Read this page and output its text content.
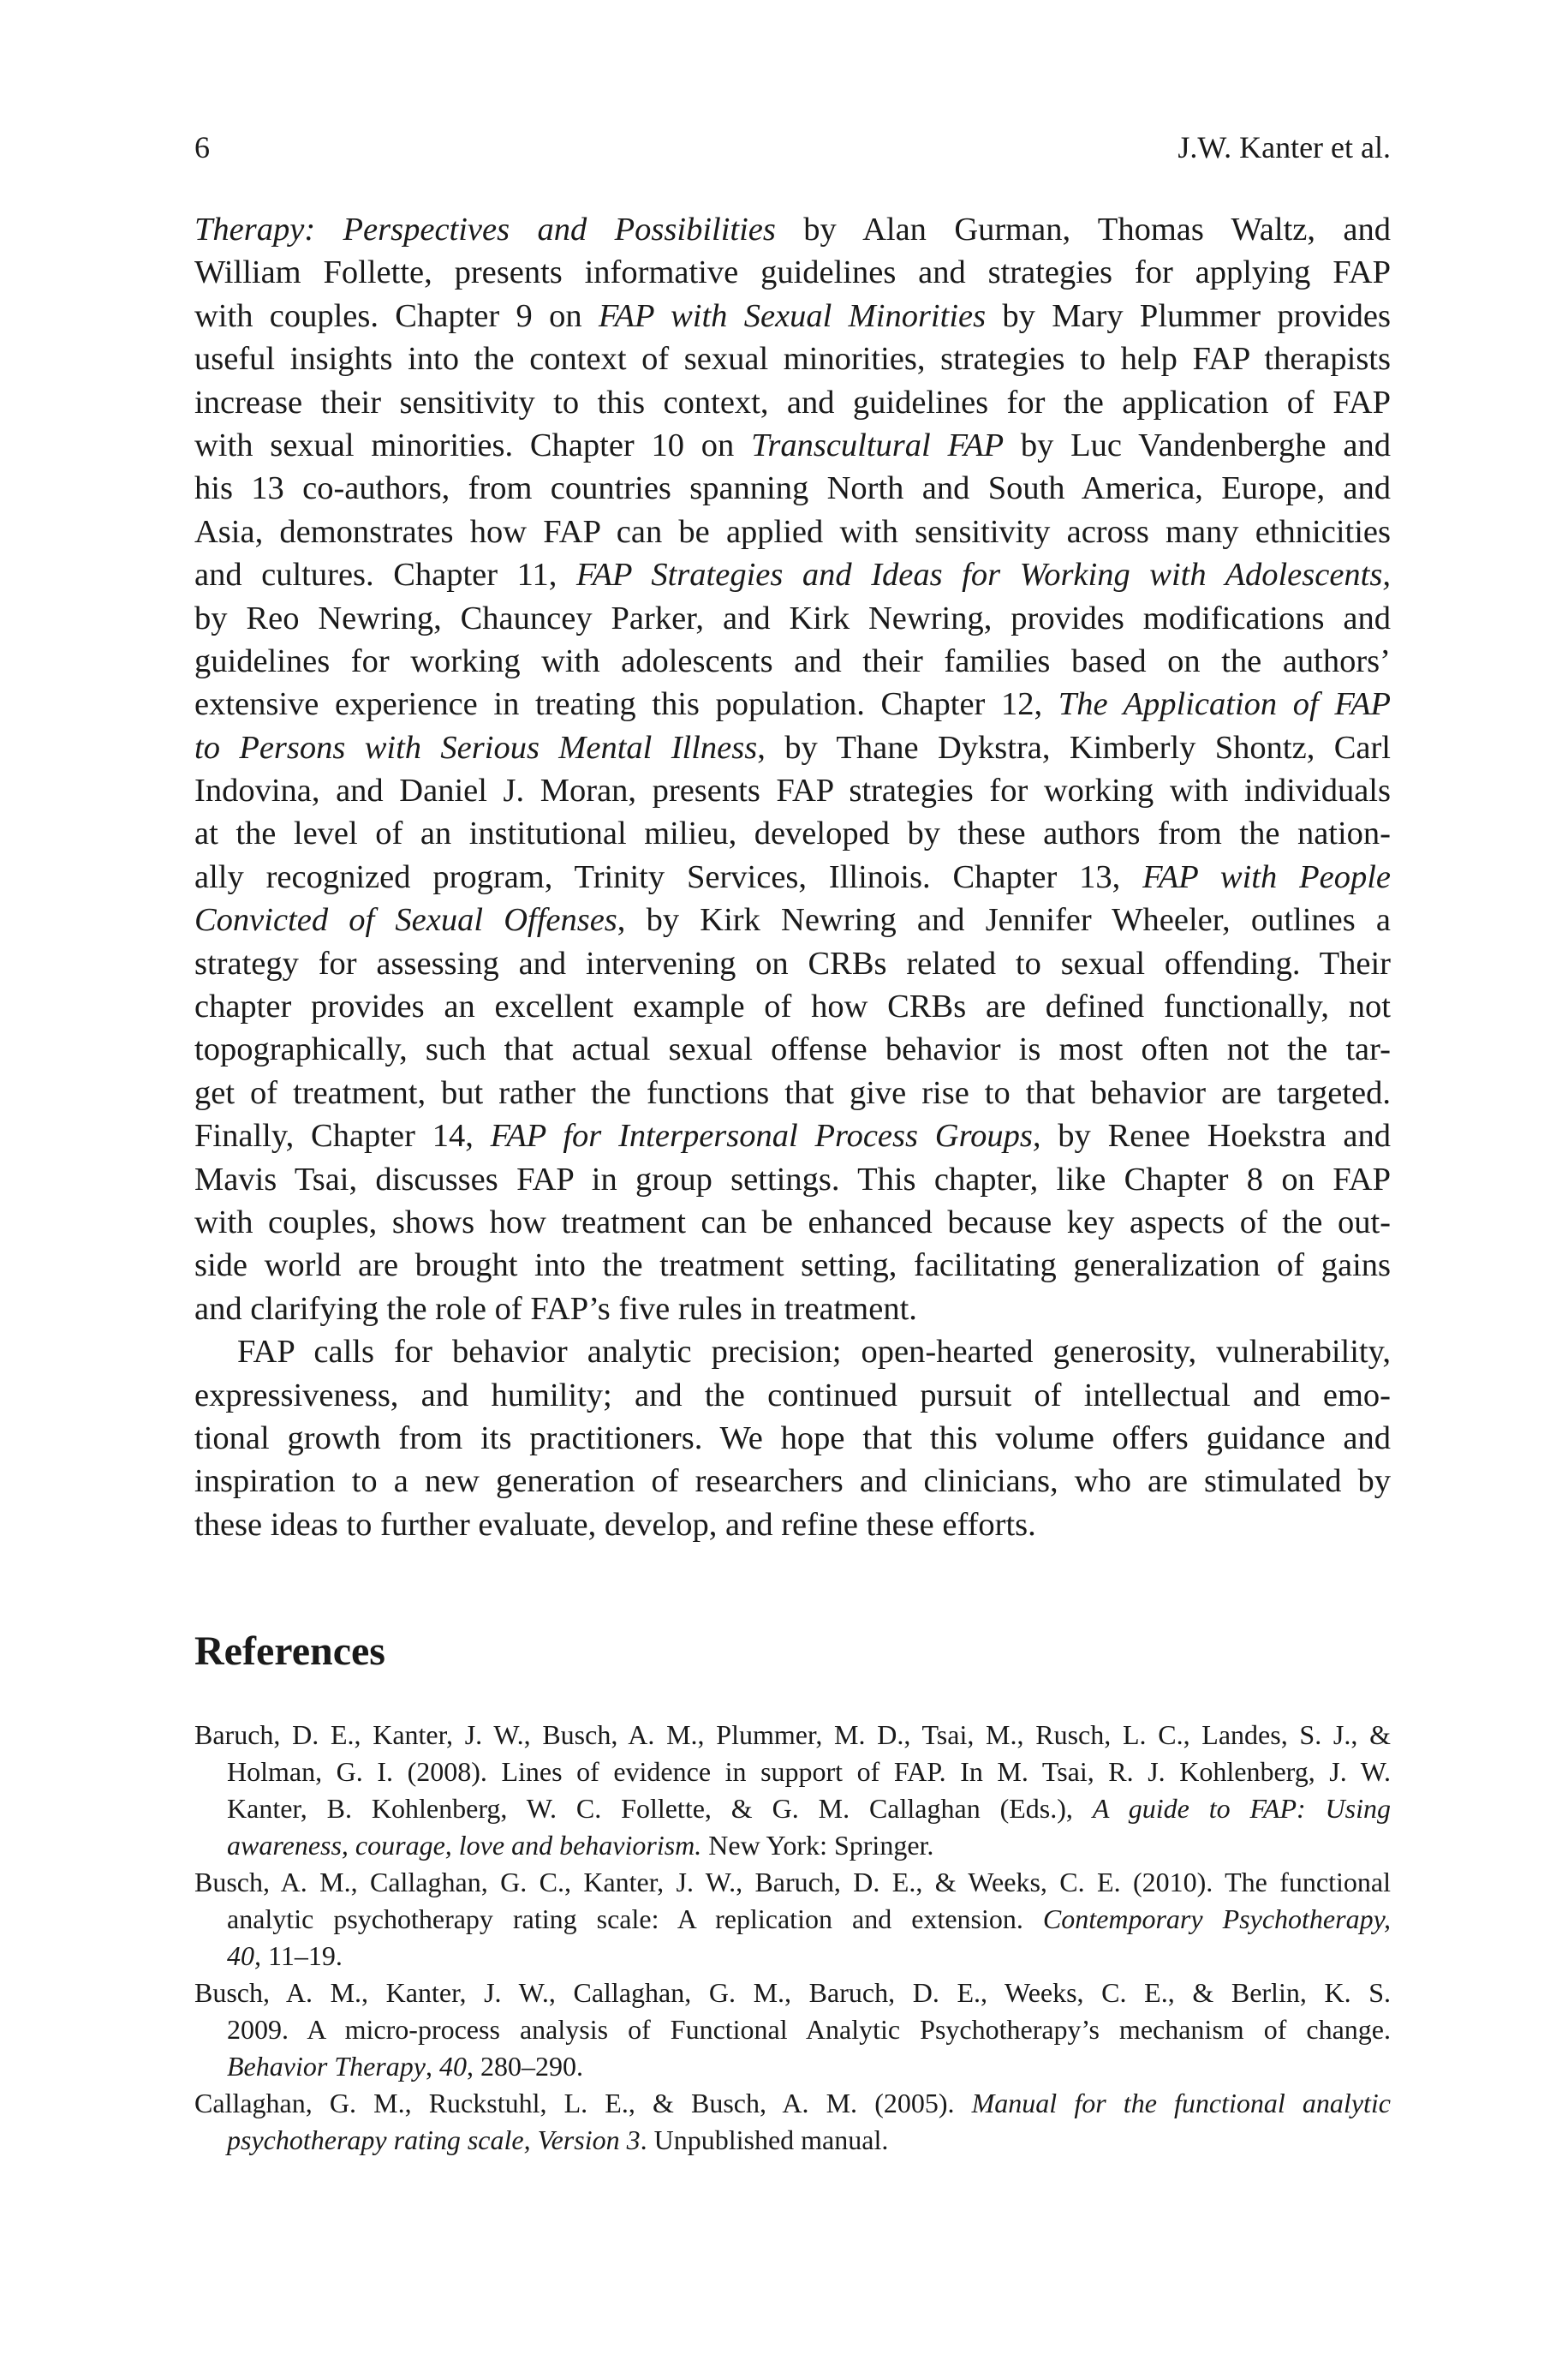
6	J.W. Kanter et al.
Therapy: Perspectives and Possibilities by Alan Gurman, Thomas Waltz, and
William Follette, presents informative guidelines and strategies for applying FAP
with couples. Chapter 9 on FAP with Sexual Minorities by Mary Plummer provides
useful insights into the context of sexual minorities, strategies to help FAP therapists
increase their sensitivity to this context, and guidelines for the application of FAP
with sexual minorities. Chapter 10 on Transcultural FAP by Luc Vandenberghe and
his 13 co-authors, from countries spanning North and South America, Europe, and
Asia, demonstrates how FAP can be applied with sensitivity across many ethnicities
and cultures. Chapter 11, FAP Strategies and Ideas for Working with Adolescents,
by Reo Newring, Chauncey Parker, and Kirk Newring, provides modifications and
guidelines for working with adolescents and their families based on the authors’
extensive experience in treating this population. Chapter 12, The Application of FAP
to Persons with Serious Mental Illness, by Thane Dykstra, Kimberly Shontz, Carl
Indovina, and Daniel J. Moran, presents FAP strategies for working with individuals
at the level of an institutional milieu, developed by these authors from the nation-
ally recognized program, Trinity Services, Illinois. Chapter 13, FAP with People
Convicted of Sexual Offenses, by Kirk Newring and Jennifer Wheeler, outlines a
strategy for assessing and intervening on CRBs related to sexual offending. Their
chapter provides an excellent example of how CRBs are defined functionally, not
topographically, such that actual sexual offense behavior is most often not the tar-
get of treatment, but rather the functions that give rise to that behavior are targeted.
Finally, Chapter 14, FAP for Interpersonal Process Groups, by Renee Hoekstra and
Mavis Tsai, discusses FAP in group settings. This chapter, like Chapter 8 on FAP
with couples, shows how treatment can be enhanced because key aspects of the out-
side world are brought into the treatment setting, facilitating generalization of gains
and clarifying the role of FAP’s five rules in treatment.
FAP calls for behavior analytic precision; open-hearted generosity, vulnerability,
expressiveness, and humility; and the continued pursuit of intellectual and emo-
tional growth from its practitioners. We hope that this volume offers guidance and
inspiration to a new generation of researchers and clinicians, who are stimulated by
these ideas to further evaluate, develop, and refine these efforts.
References
Baruch, D. E., Kanter, J. W., Busch, A. M., Plummer, M. D., Tsai, M., Rusch, L. C., Landes, S. J., &
Holman, G. I. (2008). Lines of evidence in support of FAP. In M. Tsai, R. J. Kohlenberg, J. W.
Kanter, B. Kohlenberg, W. C. Follette, & G. M. Callaghan (Eds.), A guide to FAP: Using
awareness, courage, love and behaviorism. New York: Springer.
Busch, A. M., Callaghan, G. C., Kanter, J. W., Baruch, D. E., & Weeks, C. E. (2010). The functional
analytic psychotherapy rating scale: A replication and extension. Contemporary Psychotherapy,
40, 11–19.
Busch, A. M., Kanter, J. W., Callaghan, G. M., Baruch, D. E., Weeks, C. E., & Berlin, K. S.
2009. A micro-process analysis of Functional Analytic Psychotherapy’s mechanism of change.
Behavior Therapy, 40, 280–290.
Callaghan, G. M., Ruckstuhl, L. E., & Busch, A. M. (2005). Manual for the functional analytic
psychotherapy rating scale, Version 3. Unpublished manual.
